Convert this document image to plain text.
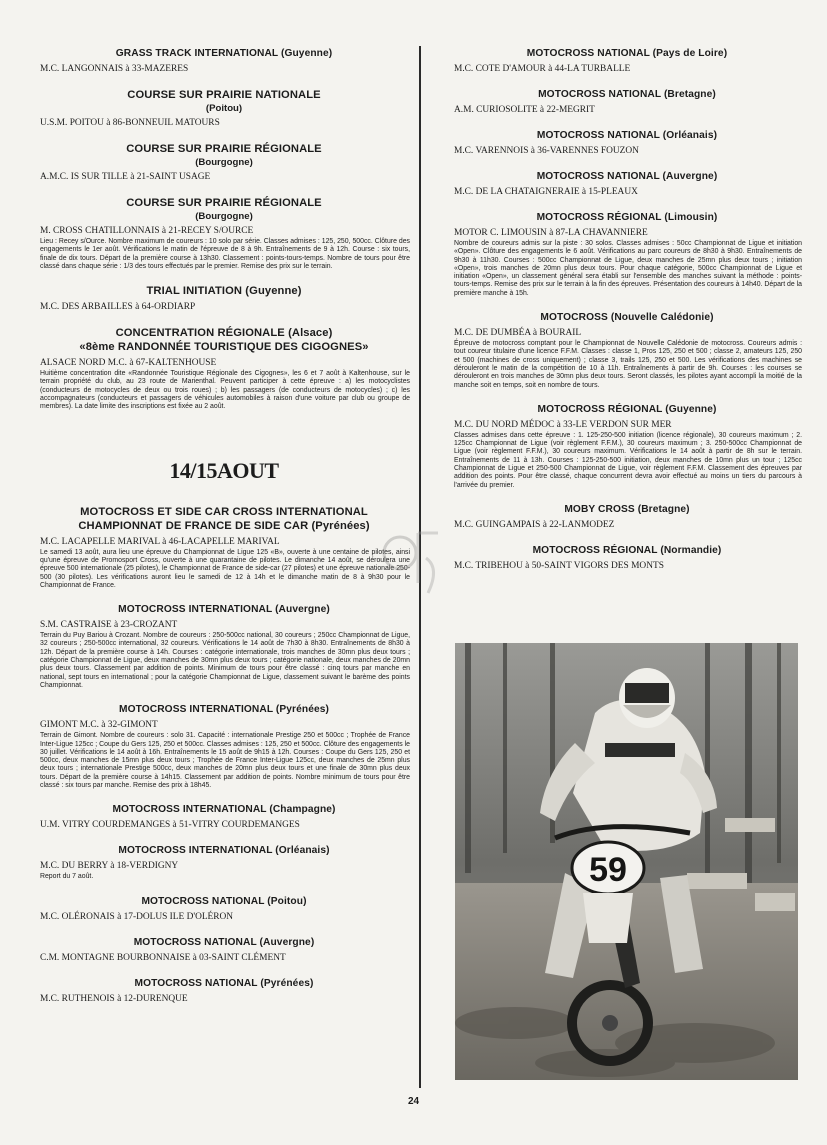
GRASS TRACK INTERNATIONAL (Guyenne)
M.C. LANGONNAIS à 33-MAZERES
COURSE SUR PRAIRIE NATIONALE
(Poitou)
U.S.M. POITOU à 86-BONNEUIL MATOURS
COURSE SUR PRAIRIE RÉGIONALE
(Bourgogne)
A.M.C. IS SUR TILLE à 21-SAINT USAGE
COURSE SUR PRAIRIE RÉGIONALE
(Bourgogne)
M. CROSS CHATILLONNAIS à 21-RECEY S/OURCE
Lieu : Recey s/Ource. Nombre maximum de coureurs : 10 solo par série. Classes admises : 125, 250, 500cc. Clôture des engagements le 1er août. Vérifications le matin de l'épreuve de 8 à 9h. Entraînements de 9 à 12h. Course : six tours, finale de dix tours. Départ de la première course à 13h30. Classement : points-tours-temps. Nombre de tours pour être classé dans chaque série : 1/3 des tours effectués par le premier. Remise des prix sur le terrain.
TRIAL INITIATION (Guyenne)
M.C. DES ARBAILLES à 64-ORDIARP
CONCENTRATION RÉGIONALE (Alsace)
«8ème RANDONNÉE TOURISTIQUE DES CIGOGNES»
ALSACE NORD M.C. à 67-KALTENHOUSE
Huitième concentration dite «Randonnée Touristique Régionale des Cigognes», les 6 et 7 août à Kaltenhouse, sur le terrain propriété du club, au 23 route de Marienthal. Peuvent participer à cette épreuve : a) les motocyclistes (conducteurs de motocycles de deux ou trois roues) ; b) les passagers (de conducteurs de motocycles) ; c) les accompagnateurs (conducteurs et passagers de véhicules automobiles à raison d'une voiture par club ou groupe de membres). La date limite des inscriptions est fixée au 2 août.
14/15AOUT
MOTOCROSS ET SIDE CAR CROSS INTERNATIONAL
CHAMPIONNAT DE FRANCE DE SIDE CAR (Pyrénées)
M.C. LACAPELLE MARIVAL à 46-LACAPELLE MARIVAL
Le samedi 13 août, aura lieu une épreuve du Championnat de Ligue 125 «B», ouverte à une centaine de pilotes, ainsi qu'une épreuve de Promosport Cross, ouverte à une quarantaine de pilotes. Le dimanche 14 août, se déroulera une épreuve 500 internationale (25 pilotes), le Championnat de France de side-car (27 pilotes) et une épreuve nationale 250-500 (30 pilotes). Les vérifications auront lieu le samedi de 12 à 14h et le dimanche matin de 8 à 9h30 pour le Championnat de France.
MOTOCROSS INTERNATIONAL (Auvergne)
S.M. CASTRAISE à 23-CROZANT
Terrain du Puy Bariou à Crozant. Nombre de coureurs : 250-500cc national, 30 coureurs ; 250cc Championnat de Ligue, 32 coureurs ; 250-500cc international, 32 coureurs. Vérifications le 14 août de 7h30 à 8h30. Entraînements de 8h30 à 12h. Départ de la première course à 14h. Courses : catégorie internationale, trois manches de 30mn plus deux tours ; catégorie Championnat de Ligue, deux manches de 30mn plus deux tours ; catégorie nationale, deux manches de 20mn plus deux tours. Classement par addition de points. Minimum de tours pour être classé : cinq tours par manche en national, sept tours en international ; pour la catégorie Championnat de Ligue, classement suivant le barème des points Championnat.
MOTOCROSS INTERNATIONAL (Pyrénées)
GIMONT M.C. à 32-GIMONT
Terrain de Gimont. Nombre de coureurs : solo 31. Capacité : internationale Prestige 250 et 500cc ; Trophée de France Inter-Ligue 125cc ; Coupe du Gers 125, 250 et 500cc. Classes admises : 125, 250 et 500cc. Clôture des engagements le 30 juillet. Vérifications le 14 août à 16h. Entraînements le 15 août de 9h15 à 12h. Courses : Coupe du Gers 125, 250 et 500cc, deux manches de 15mn plus deux tours ; Trophée de France Inter-Ligue 125cc, deux manches de 25mn plus deux tours ; internationale Prestige 500cc, deux manches de 20mn plus deux tours et une finale de 30mn plus deux tours. Départ de la première course à 14h15. Classement par addition de points. Nombre minimum de tours pour être classé : six tours par manche. Remise des prix à 18h45.
MOTOCROSS INTERNATIONAL (Champagne)
U.M. VITRY COURDEMANGES à 51-VITRY COURDEMANGES
MOTOCROSS INTERNATIONAL (Orléanais)
M.C. DU BERRY à 18-VERDIGNY
Report du 7 août.
MOTOCROSS NATIONAL (Poitou)
M.C. OLÉRONAIS à 17-DOLUS ILE D'OLÉRON
MOTOCROSS NATIONAL (Auvergne)
C.M. MONTAGNE BOURBONNAISE à 03-SAINT CLÉMENT
MOTOCROSS NATIONAL (Pyrénées)
M.C. RUTHENOIS à 12-DURENQUE
MOTOCROSS NATIONAL (Pays de Loire)
M.C. COTE D'AMOUR à 44-LA TURBALLE
MOTOCROSS NATIONAL (Bretagne)
A.M. CURIOSOLITE à 22-MEGRIT
MOTOCROSS NATIONAL (Orléanais)
M.C. VARENNOIS à 36-VARENNES FOUZON
MOTOCROSS NATIONAL (Auvergne)
M.C. DE LA CHATAIGNERAIE à 15-PLEAUX
MOTOCROSS RÉGIONAL (Limousin)
MOTOR C. LIMOUSIN à 87-LA CHAVANNIERE
Nombre de coureurs admis sur la piste : 30 solos. Classes admises : 50cc Championnat de Ligue et initiation «Open». Clôture des engagements le 6 août. Vérifications au parc coureurs de 8h30 à 9h30. Entraînements de 9h30 à 11h30. Courses : 500cc Championnat de Ligue, deux manches de 25mn plus deux tours ; initiation «Open», trois manches de 20mn plus deux tours. Pour chaque catégorie, 500cc Championnat de Ligue et initiation «Open», un classement général sera établi sur l'ensemble des manches suivant la méthode : points-tours-temps. Remise des prix sur le terrain à la fin des épreuves. Présentation des coureurs à 14h40. Départ de la première manche à 15h.
MOTOCROSS (Nouvelle Calédonie)
M.C. DE DUMBÉA à BOURAIL
Épreuve de motocross comptant pour le Championnat de Nouvelle Calédonie de motocross. Coureurs admis : tout coureur titulaire d'une licence F.F.M. Classes : classe 1, Pros 125, 250 et 500 ; classe 2, amateurs 125, 250 et 500 (machines de cross uniquement) ; classe 3, trails 125, 250 et 500. Les vérifications des machines se dérouleront le matin de la compétition de 10 à 11h. Entraînements à partir de 9h. Courses : les courses se dérouleront en trois manches de 30mn plus deux tours. Seront classés, les pilotes ayant accompli la moitié de la manche soit en temps, soit en nombre de tours.
MOTOCROSS RÉGIONAL (Guyenne)
M.C. DU NORD MÉDOC à 33-LE VERDON SUR MER
Classes admises dans cette épreuve : 1. 125-250-500 initiation (licence régionale), 30 coureurs maximum ; 2. 125cc Championnat de Ligue (voir règlement F.F.M.), 30 coureurs maximum ; 3. 250-500cc Championnat de Ligue (voir règlement F.F.M.), 30 coureurs maximum. Vérifications le 14 août à partir de 8h sur le terrain. Entraînements de 11 à 13h. Courses : 125-250-500 initiation, deux manches de 10mn plus un tour ; 125cc Championnat de Ligue et 250-500 Championnat de Ligue, voir règlement F.F.M. Classement des épreuves par addition des points. Pour être classé, chaque concurrent devra avoir effectué au moins un tiers du parcours à l'arrivée du premier.
MOBY CROSS (Bretagne)
M.C. GUINGAMPAIS à 22-LANMODEZ
MOTOCROSS RÉGIONAL (Normandie)
M.C. TRIBEHOU à 50-SAINT VIGORS DES MONTS
59
24
